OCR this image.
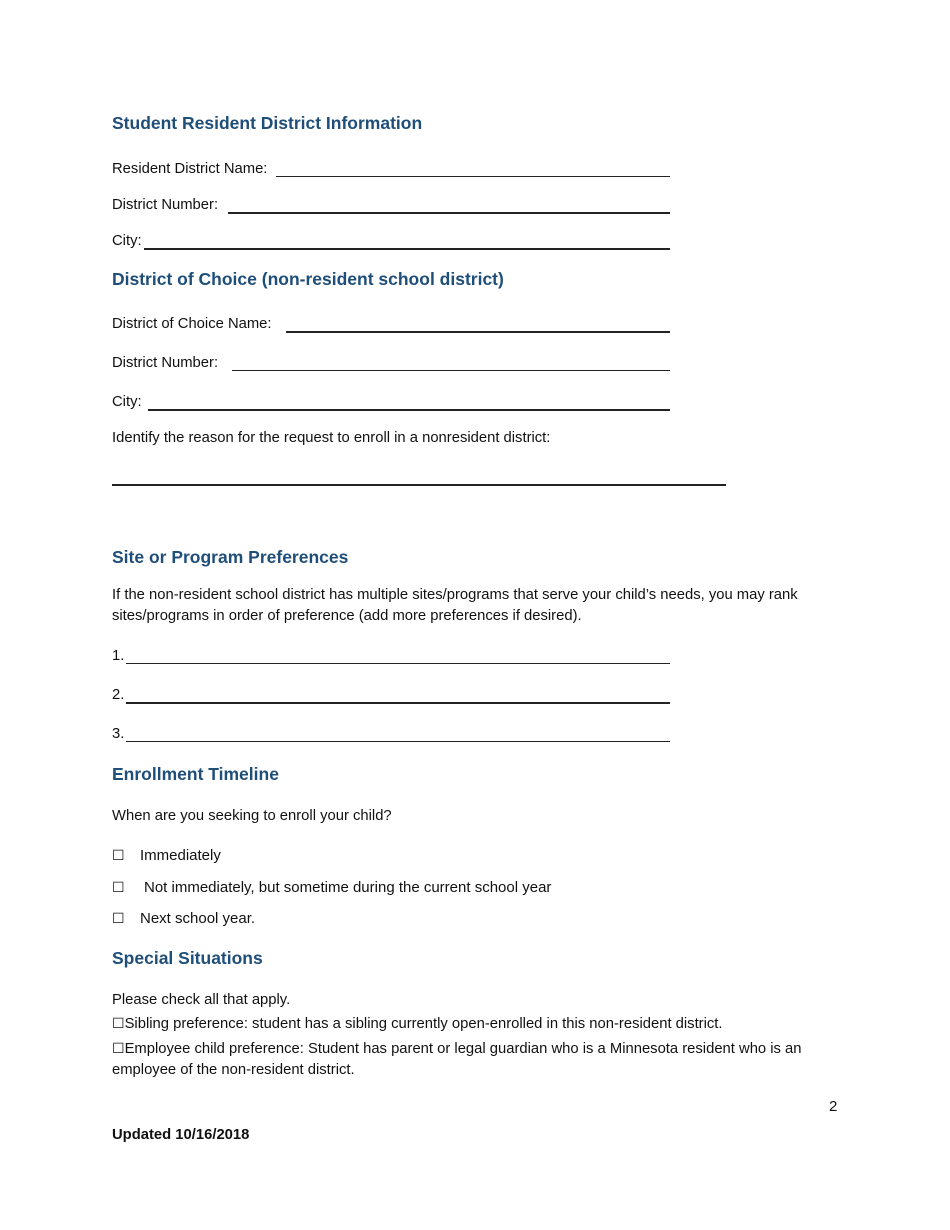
Student Resident District Information
Resident District Name:
District Number:
City:
District of Choice (non-resident school district)
District of Choice Name:
District Number:
City:
Identify the reason for the request to enroll in a nonresident district:
Site or Program Preferences
If the non-resident school district has multiple sites/programs that serve your child’s needs, you may rank sites/programs in order of preference (add more preferences if desired).
1.
2.
3.
Enrollment Timeline
When are you seeking to enroll your child?
☐ Immediately
☐ Not immediately, but sometime during the current school year
☐ Next school year.
Special Situations
Please check all that apply.
☐Sibling preference: student has a sibling currently open-enrolled in this non-resident district.
☐Employee child preference: Student has parent or legal guardian who is a Minnesota resident who is an employee of the non-resident district.
2
Updated 10/16/2018
